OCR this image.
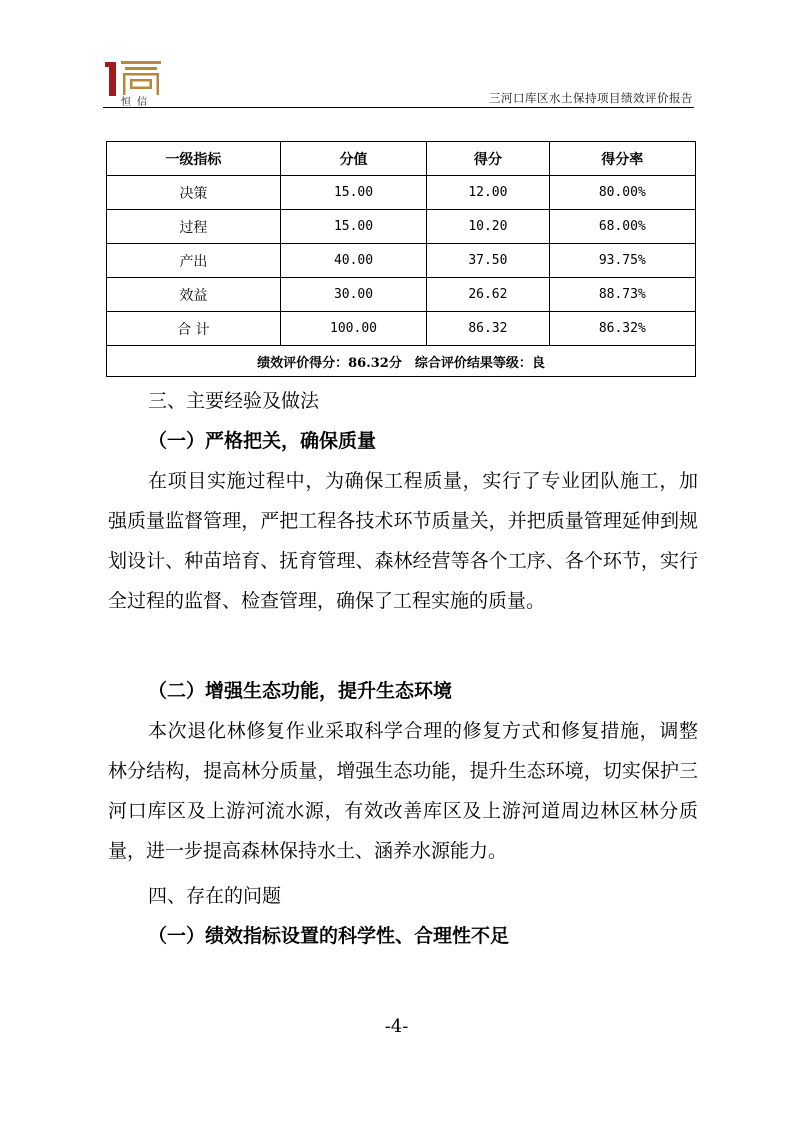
恒信	三河口库区水土保持项目绩效评价报告
一级指标	分值	得分	得分率
决策	15.00	12.00	80.00%
过程	15.00	10.20	68.00%
产出	40.00	37.50	93.75%
效益	30.00	26.62	88.73%
合 计	100.00	86.32	86.32%
绩效评价得分：86.32分　综合评价结果等级：良			
三、主要经验及做法
（一）严格把关，确保质量
在项目实施过程中，为确保工程质量，实行了专业团队施工，加强质量监督管理，严把工程各技术环节质量关，并把质量管理延伸到规划设计、种苗培育、抚育管理、森林经营等各个工序、各个环节，实行全过程的监督、检查管理，确保了工程实施的质量。
（二）增强生态功能，提升生态环境
本次退化林修复作业采取科学合理的修复方式和修复措施，调整林分结构，提高林分质量，增强生态功能，提升生态环境，切实保护三河口库区及上游河流水源，有效改善库区及上游河道周边林区林分质量，进一步提高森林保持水土、涵养水源能力。
四、存在的问题
（一）绩效指标设置的科学性、合理性不足
-4-
